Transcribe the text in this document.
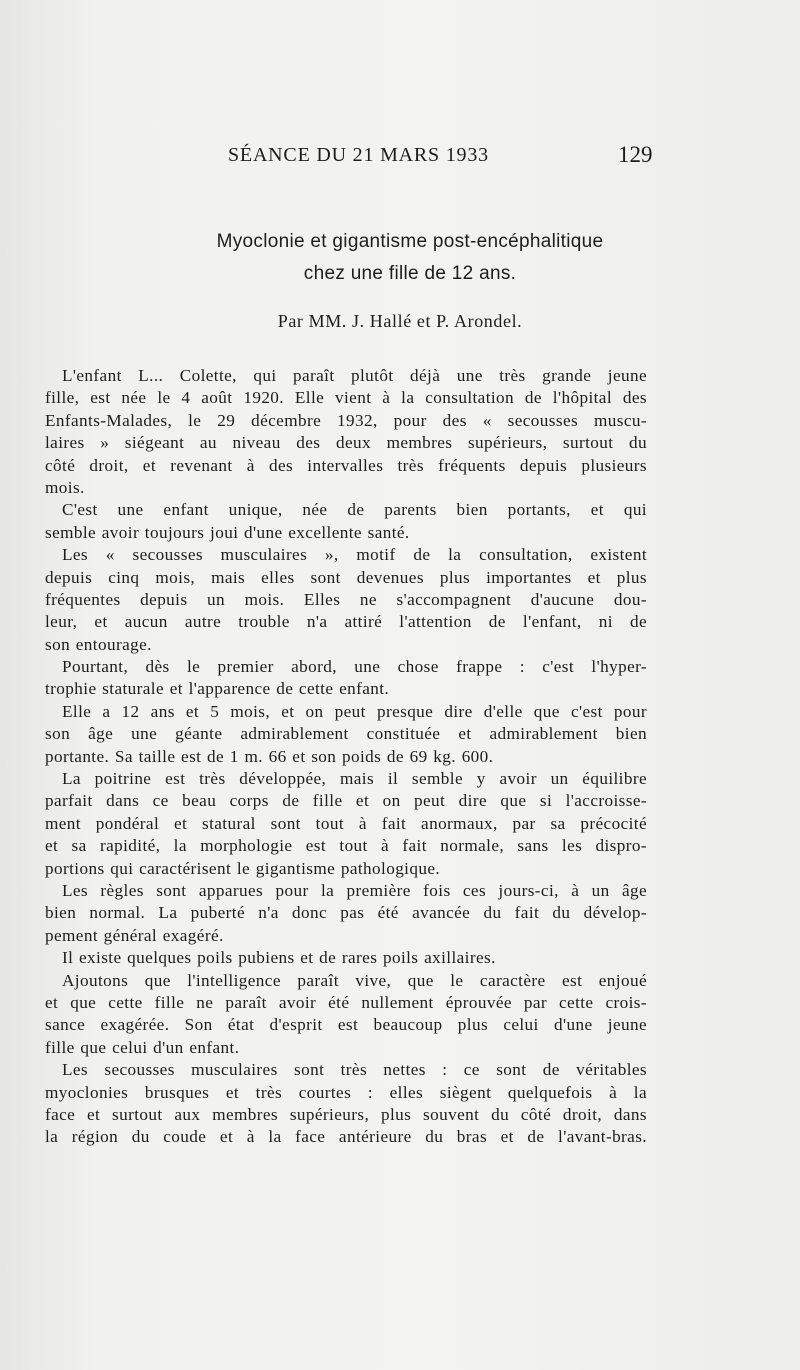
SÉANCE DU 21 MARS 1933	129
Myoclonie et gigantisme post-encéphalitique
chez une fille de 12 ans.
Par MM. J. Hallé et P. Arondel.
L'enfant L... Colette, qui paraît plutôt déjà une très grande jeune
fille, est née le 4 août 1920. Elle vient à la consultation de l'hôpital des
Enfants-Malades, le 29 décembre 1932, pour des « secousses muscu-
laires » siégeant au niveau des deux membres supérieurs, surtout du
côté droit, et revenant à des intervalles très fréquents depuis plusieurs
mois.
C'est une enfant unique, née de parents bien portants, et qui
semble avoir toujours joui d'une excellente santé.
Les « secousses musculaires », motif de la consultation, existent
depuis cinq mois, mais elles sont devenues plus importantes et plus
fréquentes depuis un mois. Elles ne s'accompagnent d'aucune dou-
leur, et aucun autre trouble n'a attiré l'attention de l'enfant, ni de
son entourage.
Pourtant, dès le premier abord, une chose frappe : c'est l'hyper-
trophie staturale et l'apparence de cette enfant.
Elle a 12 ans et 5 mois, et on peut presque dire d'elle que c'est pour
son âge une géante admirablement constituée et admirablement bien
portante. Sa taille est de 1 m. 66 et son poids de 69 kg. 600.
La poitrine est très développée, mais il semble y avoir un équilibre
parfait dans ce beau corps de fille et on peut dire que si l'accroisse-
ment pondéral et statural sont tout à fait anormaux, par sa précocité
et sa rapidité, la morphologie est tout à fait normale, sans les dispro-
portions qui caractérisent le gigantisme pathologique.
Les règles sont apparues pour la première fois ces jours-ci, à un âge
bien normal. La puberté n'a donc pas été avancée du fait du dévelop-
pement général exagéré.
Il existe quelques poils pubiens et de rares poils axillaires.
Ajoutons que l'intelligence paraît vive, que le caractère est enjoué
et que cette fille ne paraît avoir été nullement éprouvée par cette crois-
sance exagérée. Son état d'esprit est beaucoup plus celui d'une jeune
fille que celui d'un enfant.
Les secousses musculaires sont très nettes : ce sont de véritables
myoclonies brusques et très courtes : elles siègent quelquefois à la
face et surtout aux membres supérieurs, plus souvent du côté droit, dans
la région du coude et à la face antérieure du bras et de l'avant-bras.
